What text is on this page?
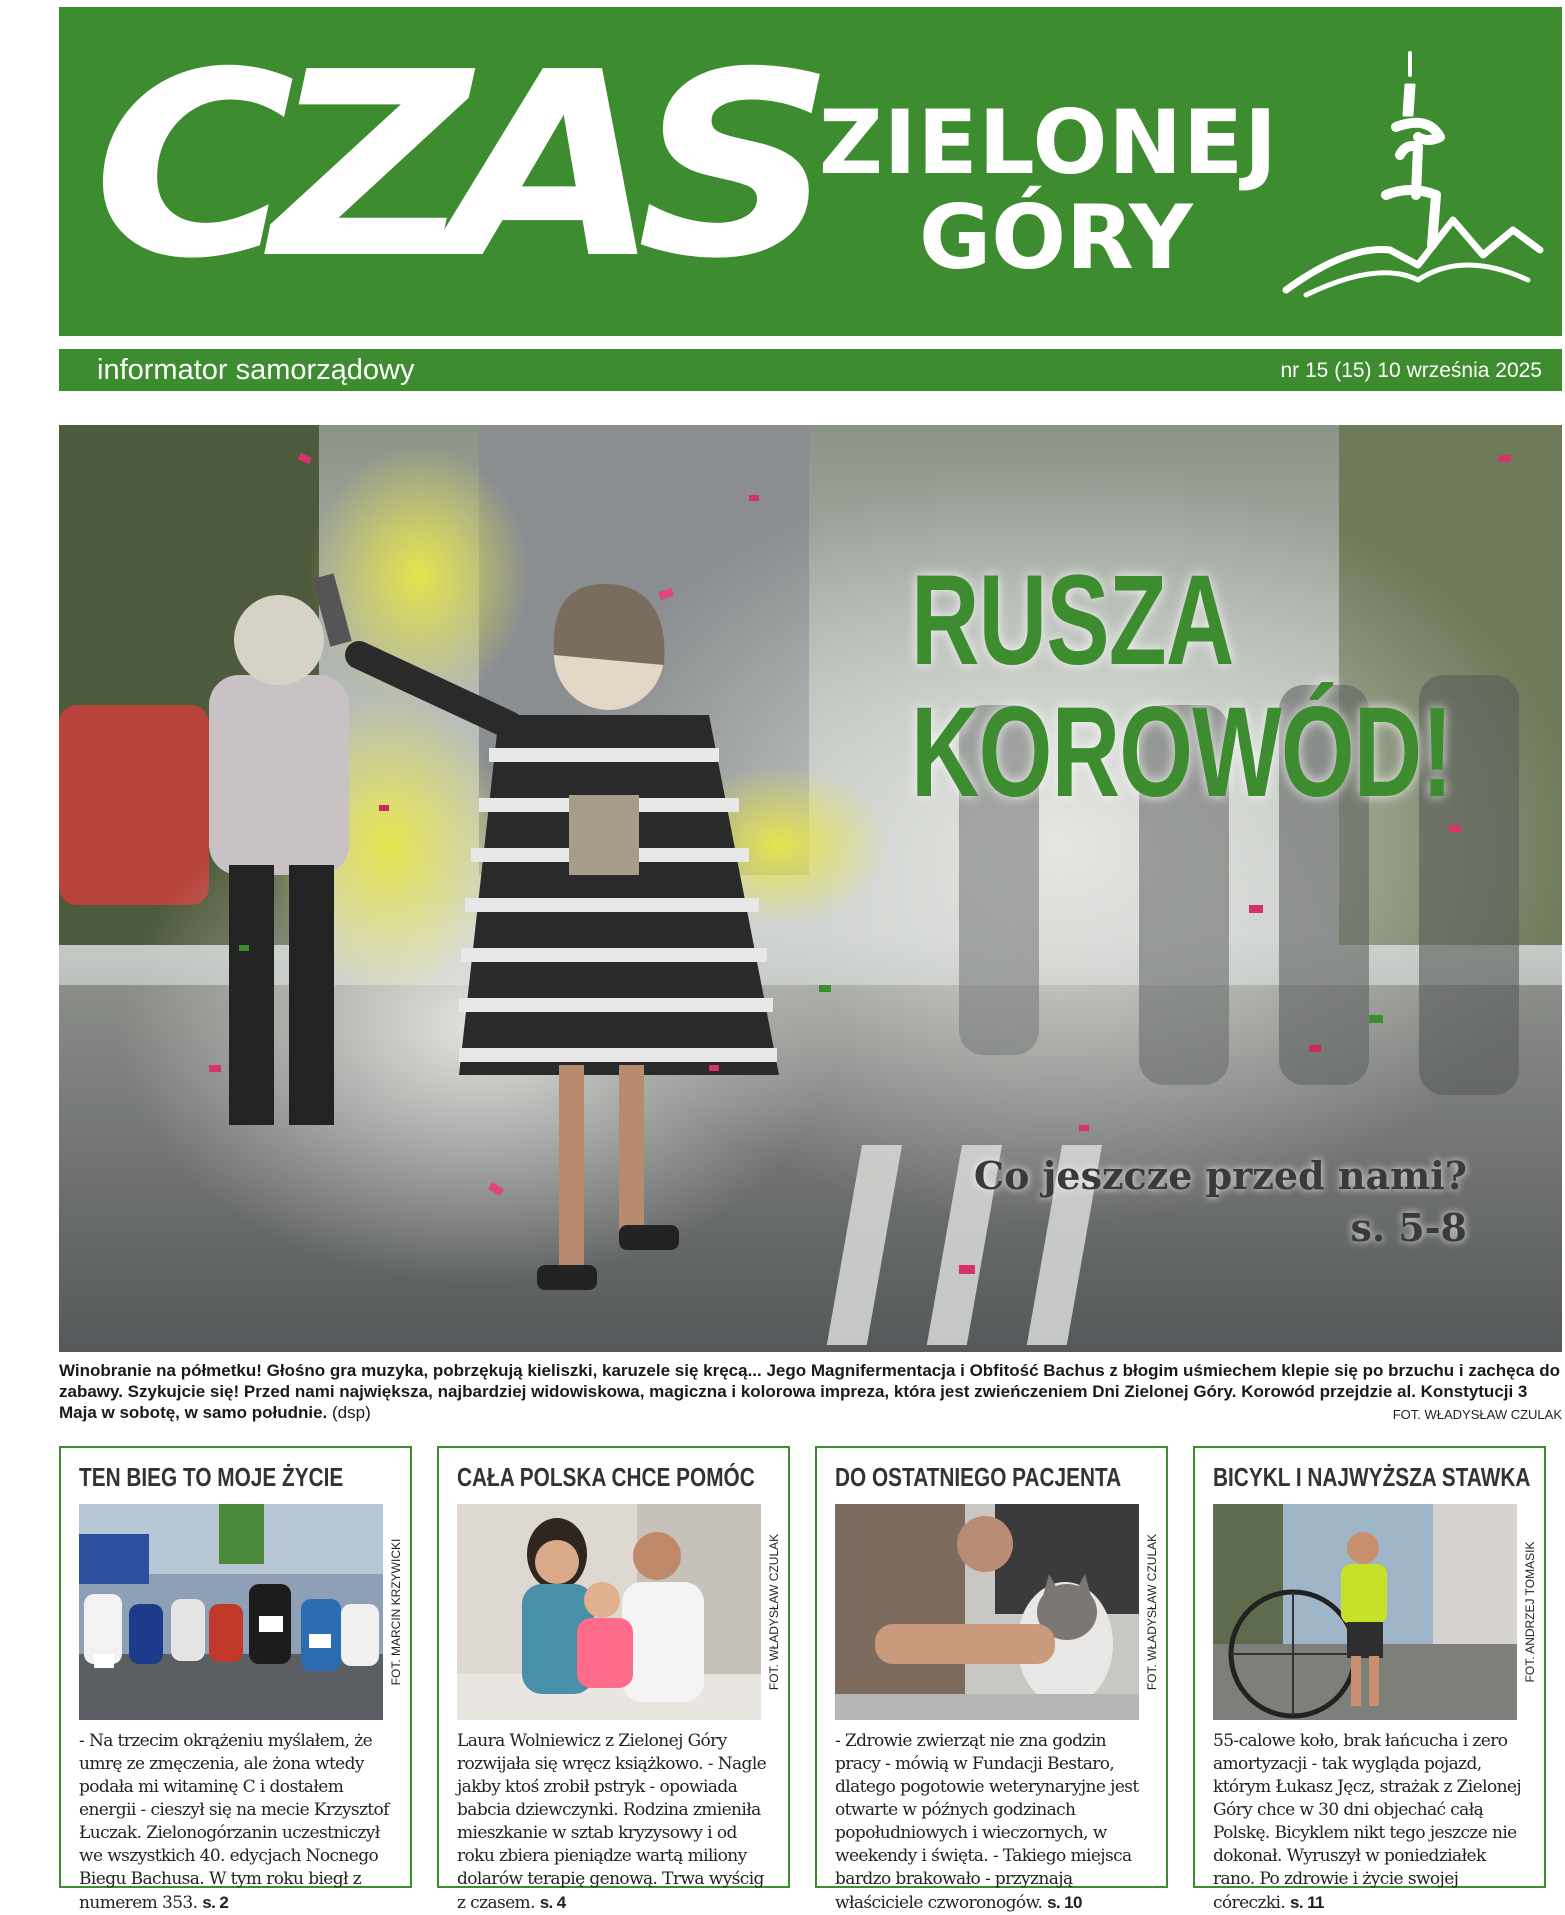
CZAS ZIELONEJ
GÓRY
informator samorządowy	nr 15 (15) 10 września 2025
RUSZA
KOROWÓD!
Co jeszcze przed nami?
s. 5-8
Winobranie na półmetku! Głośno gra muzyka, pobrzękują kieliszki, karuzele się kręcą... Jego Magnifermentacja i Obfitość Bachus z błogim uśmiechem klepie się po brzuchu i zachęca do zabawy. Szykujcie się! Przed nami największa, najbardziej widowiskowa, magiczna i kolorowa impreza, która jest zwieńczeniem Dni Zielonej Góry. Korowód przejdzie al. Konstytucji 3 Maja w sobotę, w samo południe. (dsp)	FOT. WŁADYSŁAW CZULAK
TEN BIEG TO MOJE ŻYCIE
FOT. MARCIN KRZYWICKI
- Na trzecim okrążeniu myślałem, że umrę ze zmęczenia, ale żona wtedy podała mi witaminę C i dostałem energii - cieszył się na mecie Krzysztof Łuczak. Zielonogórzanin uczestniczył we wszystkich 40. edycjach Nocnego Biegu Bachusa. W tym roku biegł z numerem 353. s. 2
CAŁA POLSKA CHCE POMÓC
FOT. WŁADYSŁAW CZULAK
Laura Wolniewicz z Zielonej Góry rozwijała się wręcz książkowo. - Nagle jakby ktoś zrobił pstryk - opowiada babcia dziewczynki. Rodzina zmieniła mieszkanie w sztab kryzysowy i od roku zbiera pieniądze wartą miliony dolarów terapię genową. Trwa wyścig z czasem. s. 4
DO OSTATNIEGO PACJENTA
FOT. WŁADYSŁAW CZULAK
- Zdrowie zwierząt nie zna godzin pracy - mówią w Fundacji Bestaro, dlatego pogotowie weterynaryjne jest otwarte w późnych godzinach popołudniowych i wieczornych, w weekendy i święta. - Takiego miejsca bardzo brakowało - przyznają właściciele czworonogów. s. 10
BICYKL I NAJWYŻSZA STAWKA
FOT. ANDRZEJ TOMASIK
55-calowe koło, brak łańcucha i zero amortyzacji - tak wygląda pojazd, którym Łukasz Jęcz, strażak z Zielonej Góry chce w 30 dni objechać całą Polskę. Bicyklem nikt tego jeszcze nie dokonał. Wyruszył w poniedziałek rano. Po zdrowie i życie swojej córeczki. s. 11
